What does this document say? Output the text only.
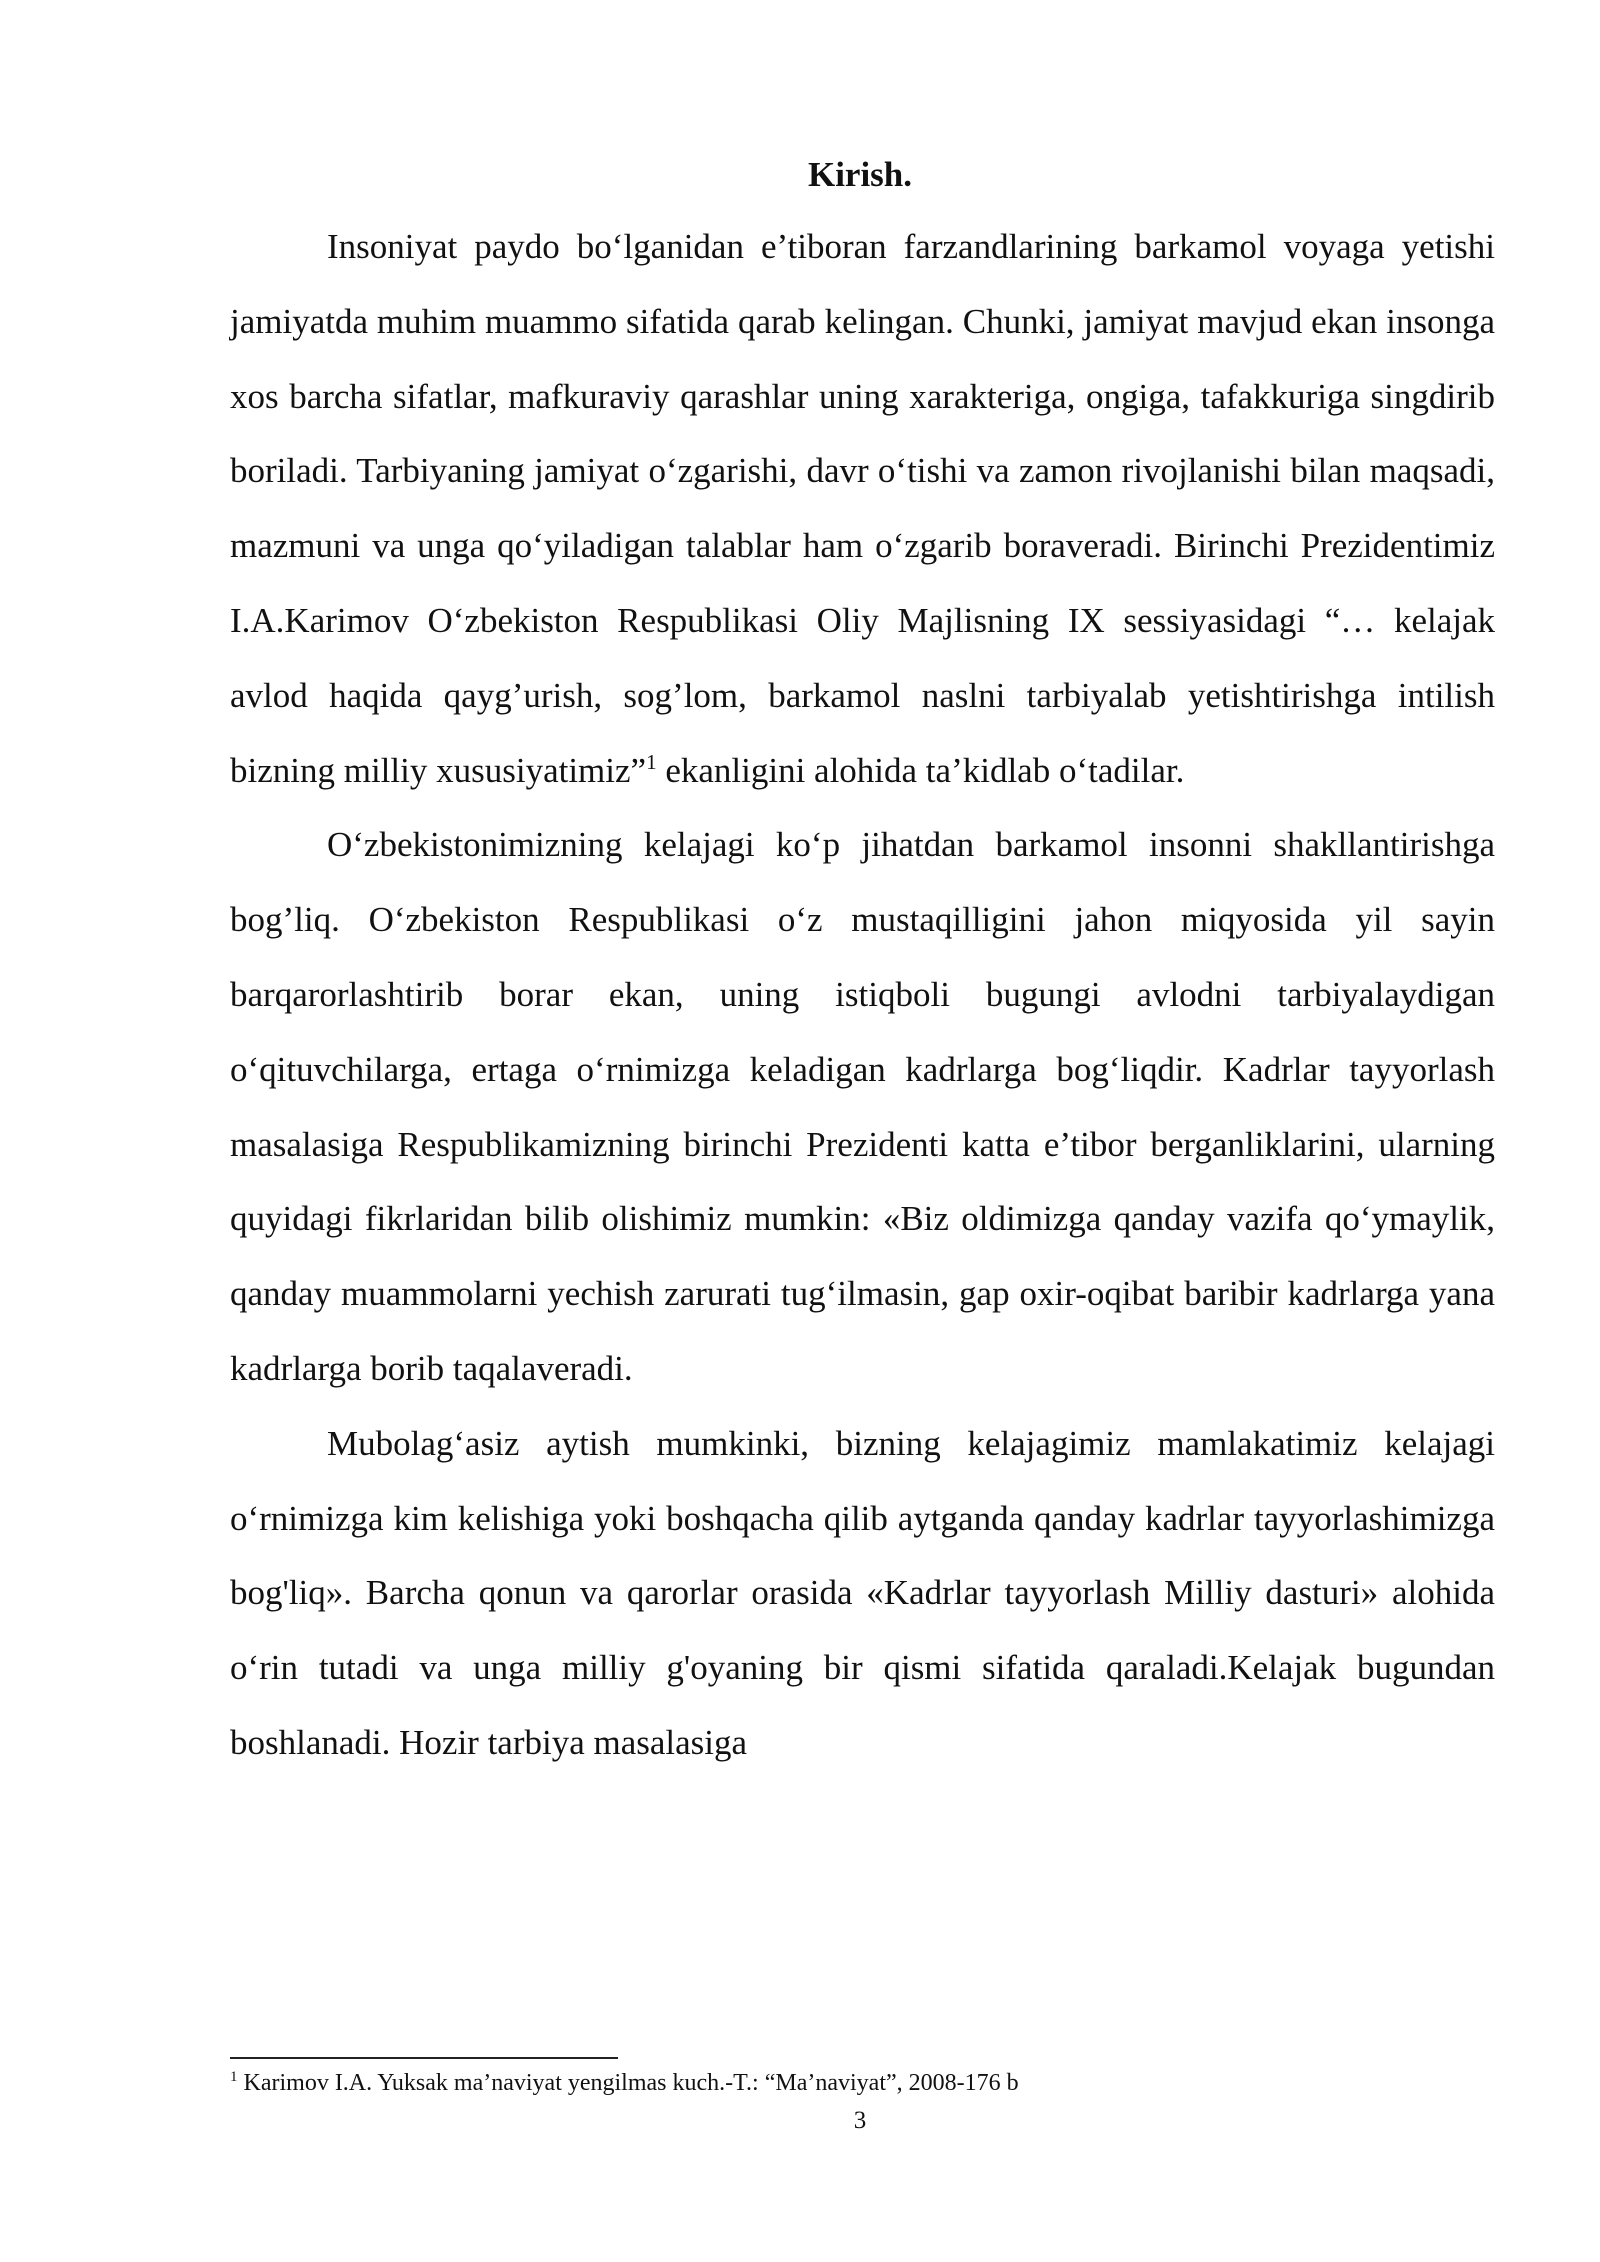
Kirish.

Insoniyat paydo bo‘lganidan e’tiboran farzandlarining barkamol voyaga yetishi jamiyatda muhim muammo sifatida qarab kelingan. Chunki, jamiyat mavjud ekan insonga xos barcha sifatlar, mafkuraviy qarashlar uning xarakteriga, ongiga, tafakkuriga singdirib boriladi. Tarbiyaning jamiyat o‘zgarishi, davr o‘tishi va zamon rivojlanishi bilan maqsadi, mazmuni va unga qo‘yiladigan talablar ham o‘zgarib boraveradi. Birinchi Prezidentimiz I.A.Karimov O‘zbekiston Respublikasi Oliy Majlisning IX sessiyasidagi “… kelajak avlod haqida qayg’urish, sog’lom, barkamol naslni tarbiyalab yetishtirishga intilish bizning milliy xususiyatimiz”$^1$ ekanligini alohida ta’kidlab o‘tadilar.

O‘zbekistonimizning kelajagi ko‘p jihatdan barkamol insonni shakllantirishga bog’liq. O‘zbekiston Respublikasi o‘z mustaqilligini jahon miqyosida yil sayin barqarorlashtirib borar ekan, uning istiqboli bugungi avlodni tarbiyalaydigan o‘qituvchilarga, ertaga o‘rnimizga keladigan kadrlarga bog‘liqdir. Kadrlar tayyorlash masalasiga Respublikamizning birinchi Prezidenti katta e’tibor berganliklarini, ularning quyidagi fikrlaridan bilib olishimiz mumkin: «Biz oldimizga qanday vazifa qo‘ymaylik, qanday muammolarni yechish zarurati tug‘ilmasin, gap oxir-oqibat baribir kadrlarga yana kadrlarga borib taqalaveradi.

Mubolag‘asiz aytish mumkinki, bizning kelajagimiz mamlakatimiz kelajagi o‘rnimizga kim kelishiga yoki boshqacha qilib aytganda qanday kadrlar tayyorlashimizga bog'liq». Barcha qonun va qarorlar orasida «Kadrlar tayyorlash Milliy dasturi» alohida o‘rin tutadi va unga milliy g'oyaning bir qismi sifatida qaraladi.Kelajak bugundan boshlanadi. Hozir tarbiya masalasiga

$^1$ Karimov I.A. Yuksak ma’naviyat yengilmas kuch.-T.: “Ma’naviyat”, 2008-176 b

3
